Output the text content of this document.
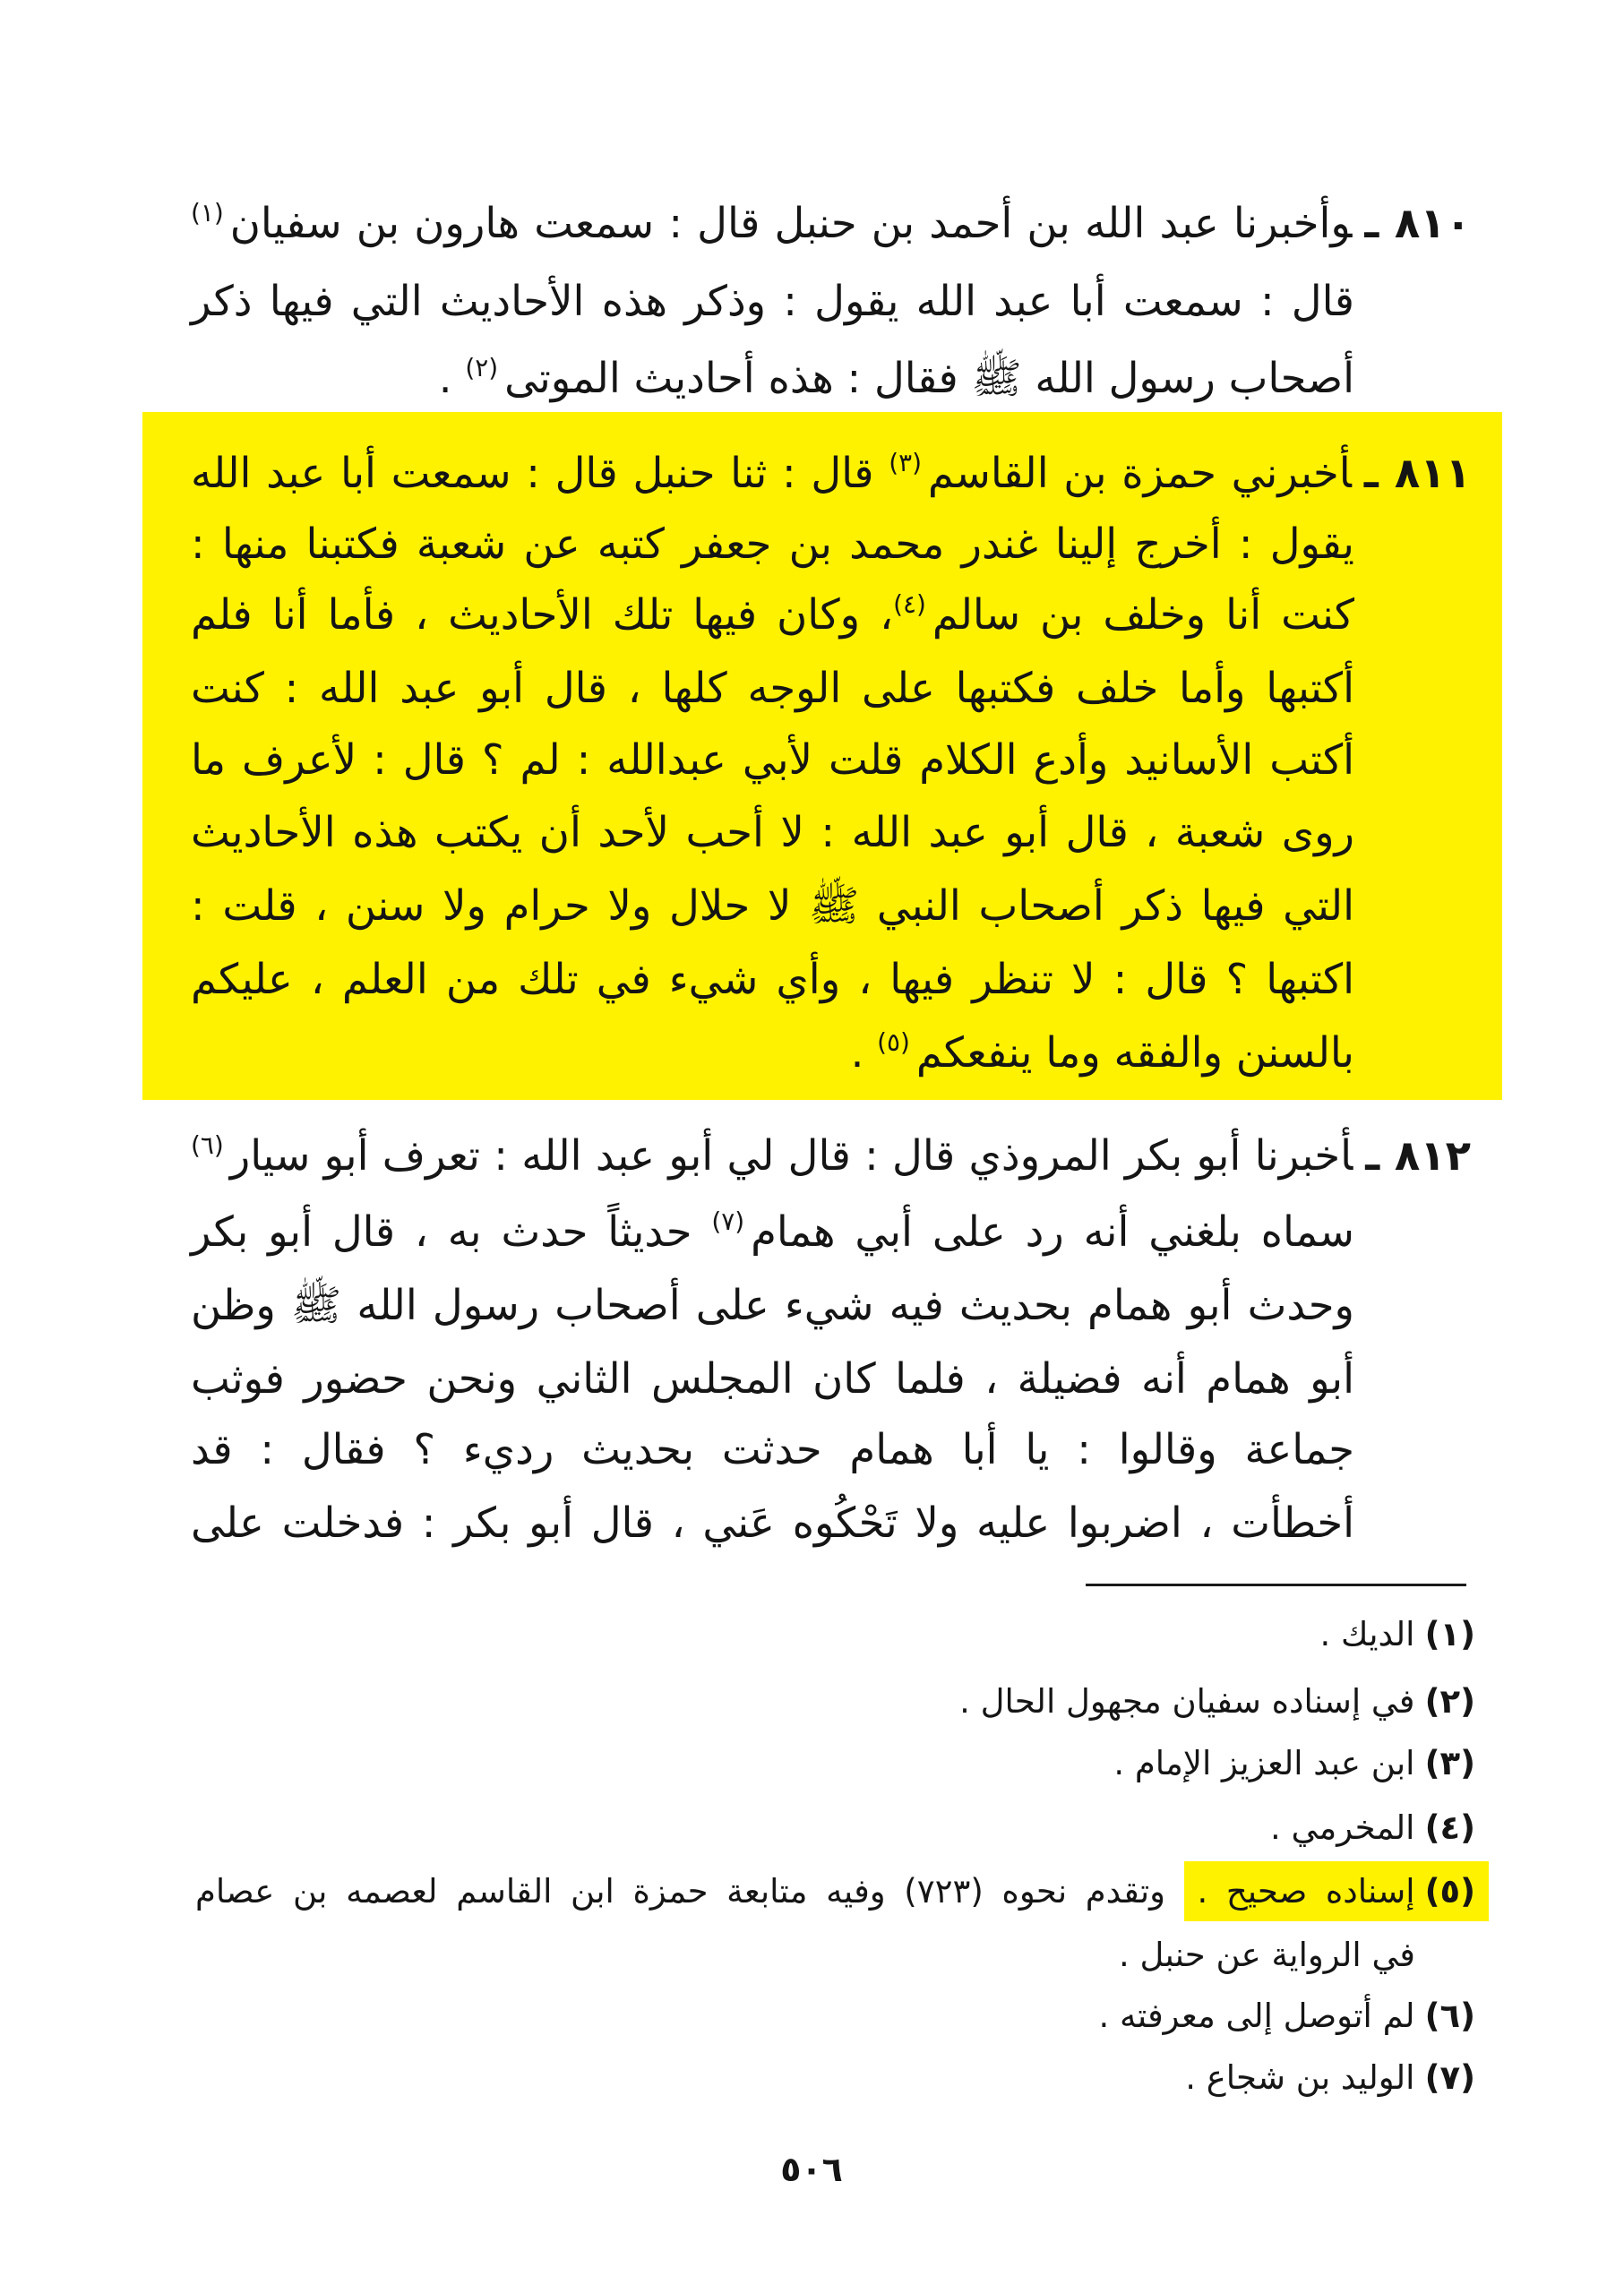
٨١٠ ـوأخبرنا عبد الله بن أحمد بن حنبل قال : سمعت هارون بن سفيان$^{(١)}$
قال : سمعت أبا عبد الله يقول : وذكر هذه الأحاديث التي فيها ذكر
أصحاب رسول الله ﷺ فقال : هذه أحاديث الموتى$^{(٢)}$ .
٨١١ ـأخبرني حمزة بن القاسم$^{(٣)}$ قال : ثنا حنبل قال : سمعت أبا عبد الله
يقول : أخرج إلينا غندر محمد بن جعفر كتبه عن شعبة فكتبنا منها :
كنت أنا وخلف بن سالم$^{(٤)}$، وكان فيها تلك الأحاديث ، فأما أنا فلم
أكتبها وأما خلف فكتبها على الوجه كلها ، قال أبو عبد الله : كنت
أكتب الأسانيد وأدع الكلام قلت لأبي عبدالله : لم ؟ قال : لأعرف ما
روى شعبة ، قال أبو عبد الله : لا أحب لأحد أن يكتب هذه الأحاديث
التي فيها ذكر أصحاب النبي ﷺ لا حلال ولا حرام ولا سنن ، قلت :
اكتبها ؟ قال : لا تنظر فيها ، وأي شيء في تلك من العلم ، عليكم
بالسنن والفقه وما ينفعكم$^{(٥)}$ .
٨١٢ ـأخبرنا أبو بكر المروذي قال : قال لي أبو عبد الله : تعرف أبو سيار$^{(٦)}$
سماه بلغني أنه رد على أبي همام$^{(٧)}$ حديثاً حدث به ، قال أبو بكر
وحدث أبو همام بحديث فيه شيء على أصحاب رسول الله ﷺ وظن
أبو همام أنه فضيلة ، فلما كان المجلس الثاني ونحن حضور فوثب
جماعة وقالوا : يا أبا همام حدثت بحديث رديء ؟ فقال : قد
أخطأت ، اضربوا عليه ولا تَحْكُوه عَني ، قال أبو بكر : فدخلت على
(١)الديك .
(٢)في إسناده سفيان مجهول الحال .
(٣)ابن عبد العزيز الإمام .
(٤)المخرمي .
(٥)إسناده صحيح . وتقدم نحوه (٧٢٣) وفيه متابعة حمزة ابن القاسم لعصمه بن عصام
في الرواية عن حنبل .
(٦)لم أتوصل إلى معرفته .
(٧)الوليد بن شجاع .
٥٠٦
